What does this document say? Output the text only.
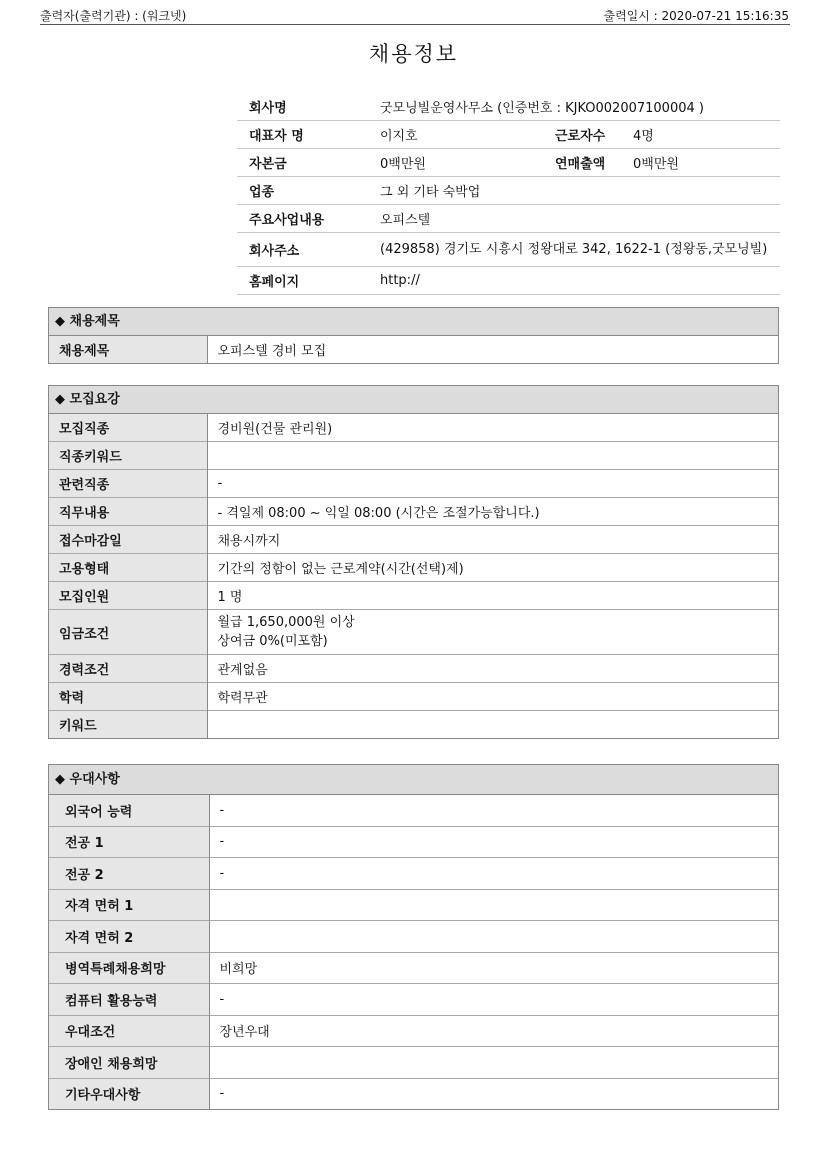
출력자(출력기관) : (워크넷)	출력일시 : 2020-07-21 15:16:35
채용정보
회사명	굿모닝빌운영사무소 (인증번호 : KJKO002007100004 )		
대표자 명	이지호	근로자수	4명
자본금	0백만원	연매출액	0백만원
업종	그 외 기타 숙박업		
주요사업내용	오피스텔		
회사주소	(429858) 경기도 시흥시 정왕대로 342, 1622-1 (정왕동,굿모닝빌)		
홈페이지	http://		
◆ 채용제목
채용제목	오피스텔 경비 모집
◆ 모집요강
모집직종	경비원(건물 관리원)
직종키워드	
관련직종	-
직무내용	- 격일제 08:00 ~ 익일 08:00 (시간은 조절가능합니다.)
접수마감일	채용시까지
고용형태	기간의 정함이 없는 근로계약(시간(선택)제)
모집인원	1 명
임금조건	월급 1,650,000원 이상
상여금 0%(미포함)

경력조건	관계없음
학력	학력무관
키워드	
◆ 우대사항
외국어 능력	-
전공 1	-
전공 2	-
자격 면허 1	
자격 면허 2	
병역특례채용희망	비희망
컴퓨터 활용능력	-
우대조건	장년우대
장애인 채용희망	
기타우대사항	-
